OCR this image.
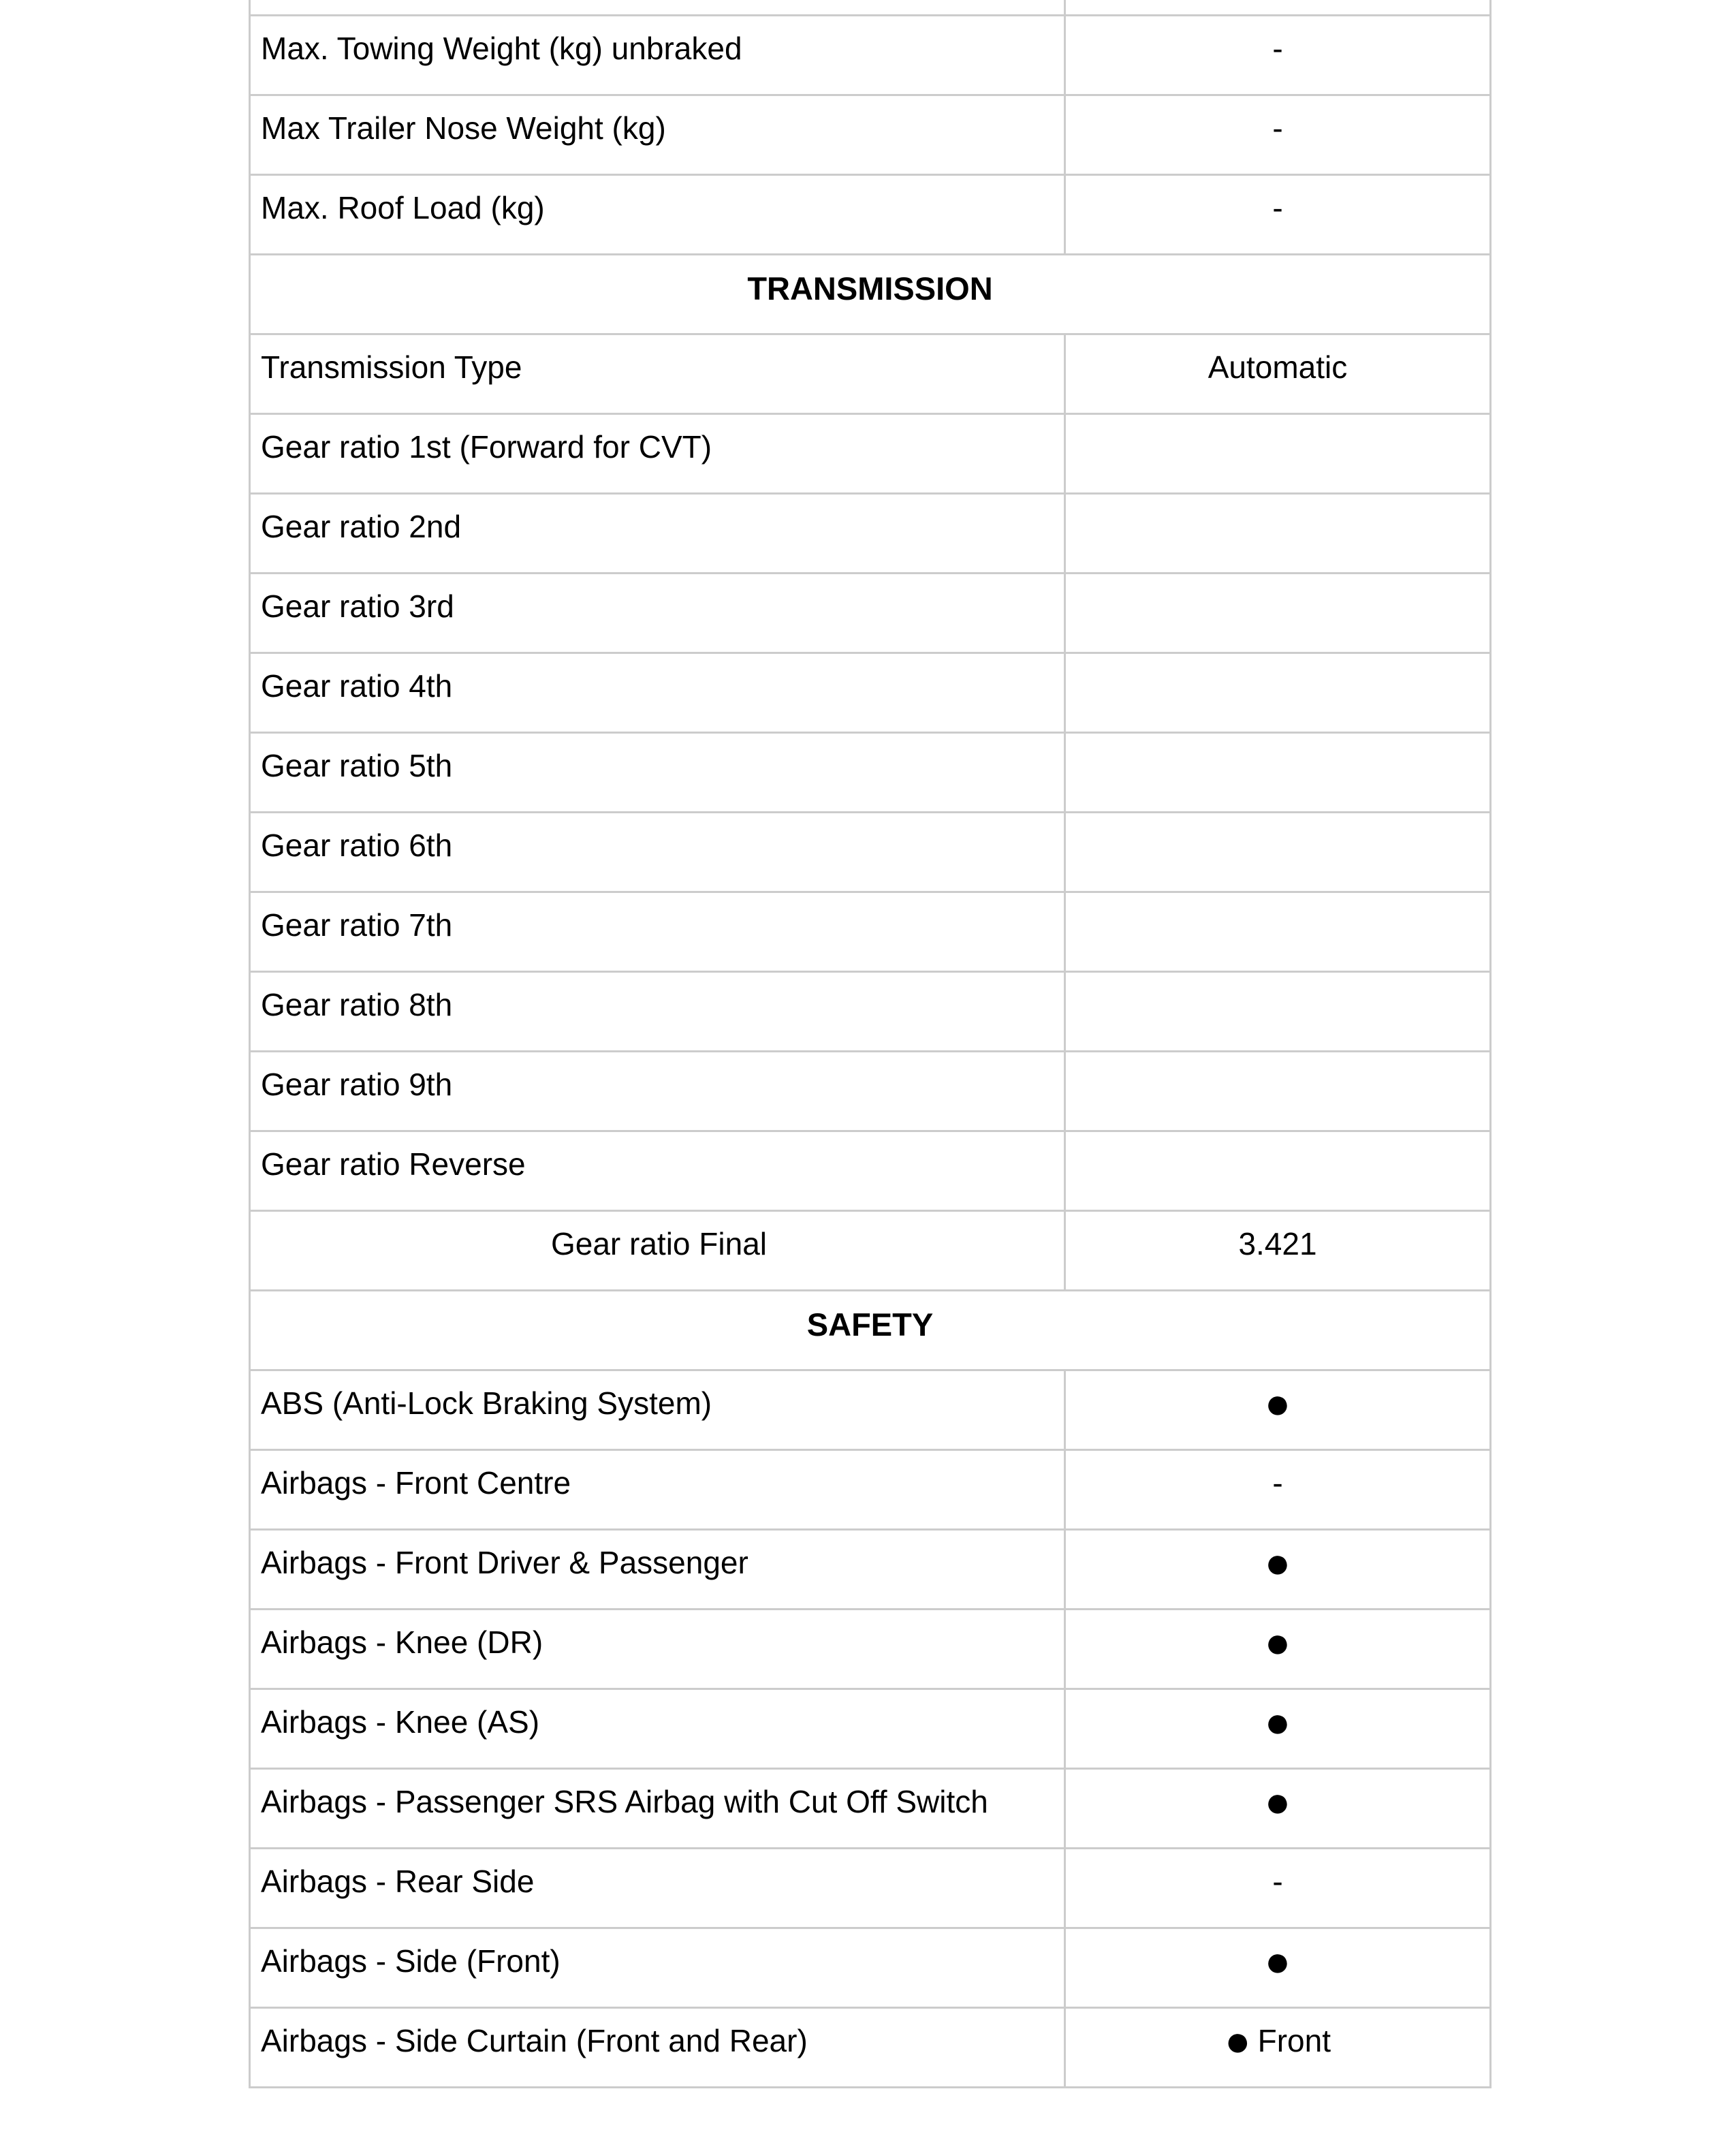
Max. Towing Weight (kg) unbraked	-
Max Trailer Nose Weight (kg)	-
Max. Roof Load (kg)	-
TRANSMISSION	
Transmission Type	Automatic
Gear ratio 1st (Forward for CVT)	
Gear ratio 2nd	
Gear ratio 3rd	
Gear ratio 4th	
Gear ratio 5th	
Gear ratio 6th	
Gear ratio 7th	
Gear ratio 8th	
Gear ratio 9th	
Gear ratio Reverse	
Gear ratio Final	3.421
SAFETY	
ABS (Anti-Lock Braking System)	●
Airbags - Front Centre	-
Airbags - Front Driver & Passenger	●
Airbags - Knee (DR)	●
Airbags - Knee (AS)	●
Airbags - Passenger SRS Airbag with Cut Off Switch	●
Airbags - Rear Side	-
Airbags - Side (Front)	●
Airbags - Side Curtain (Front and Rear)	● Front
